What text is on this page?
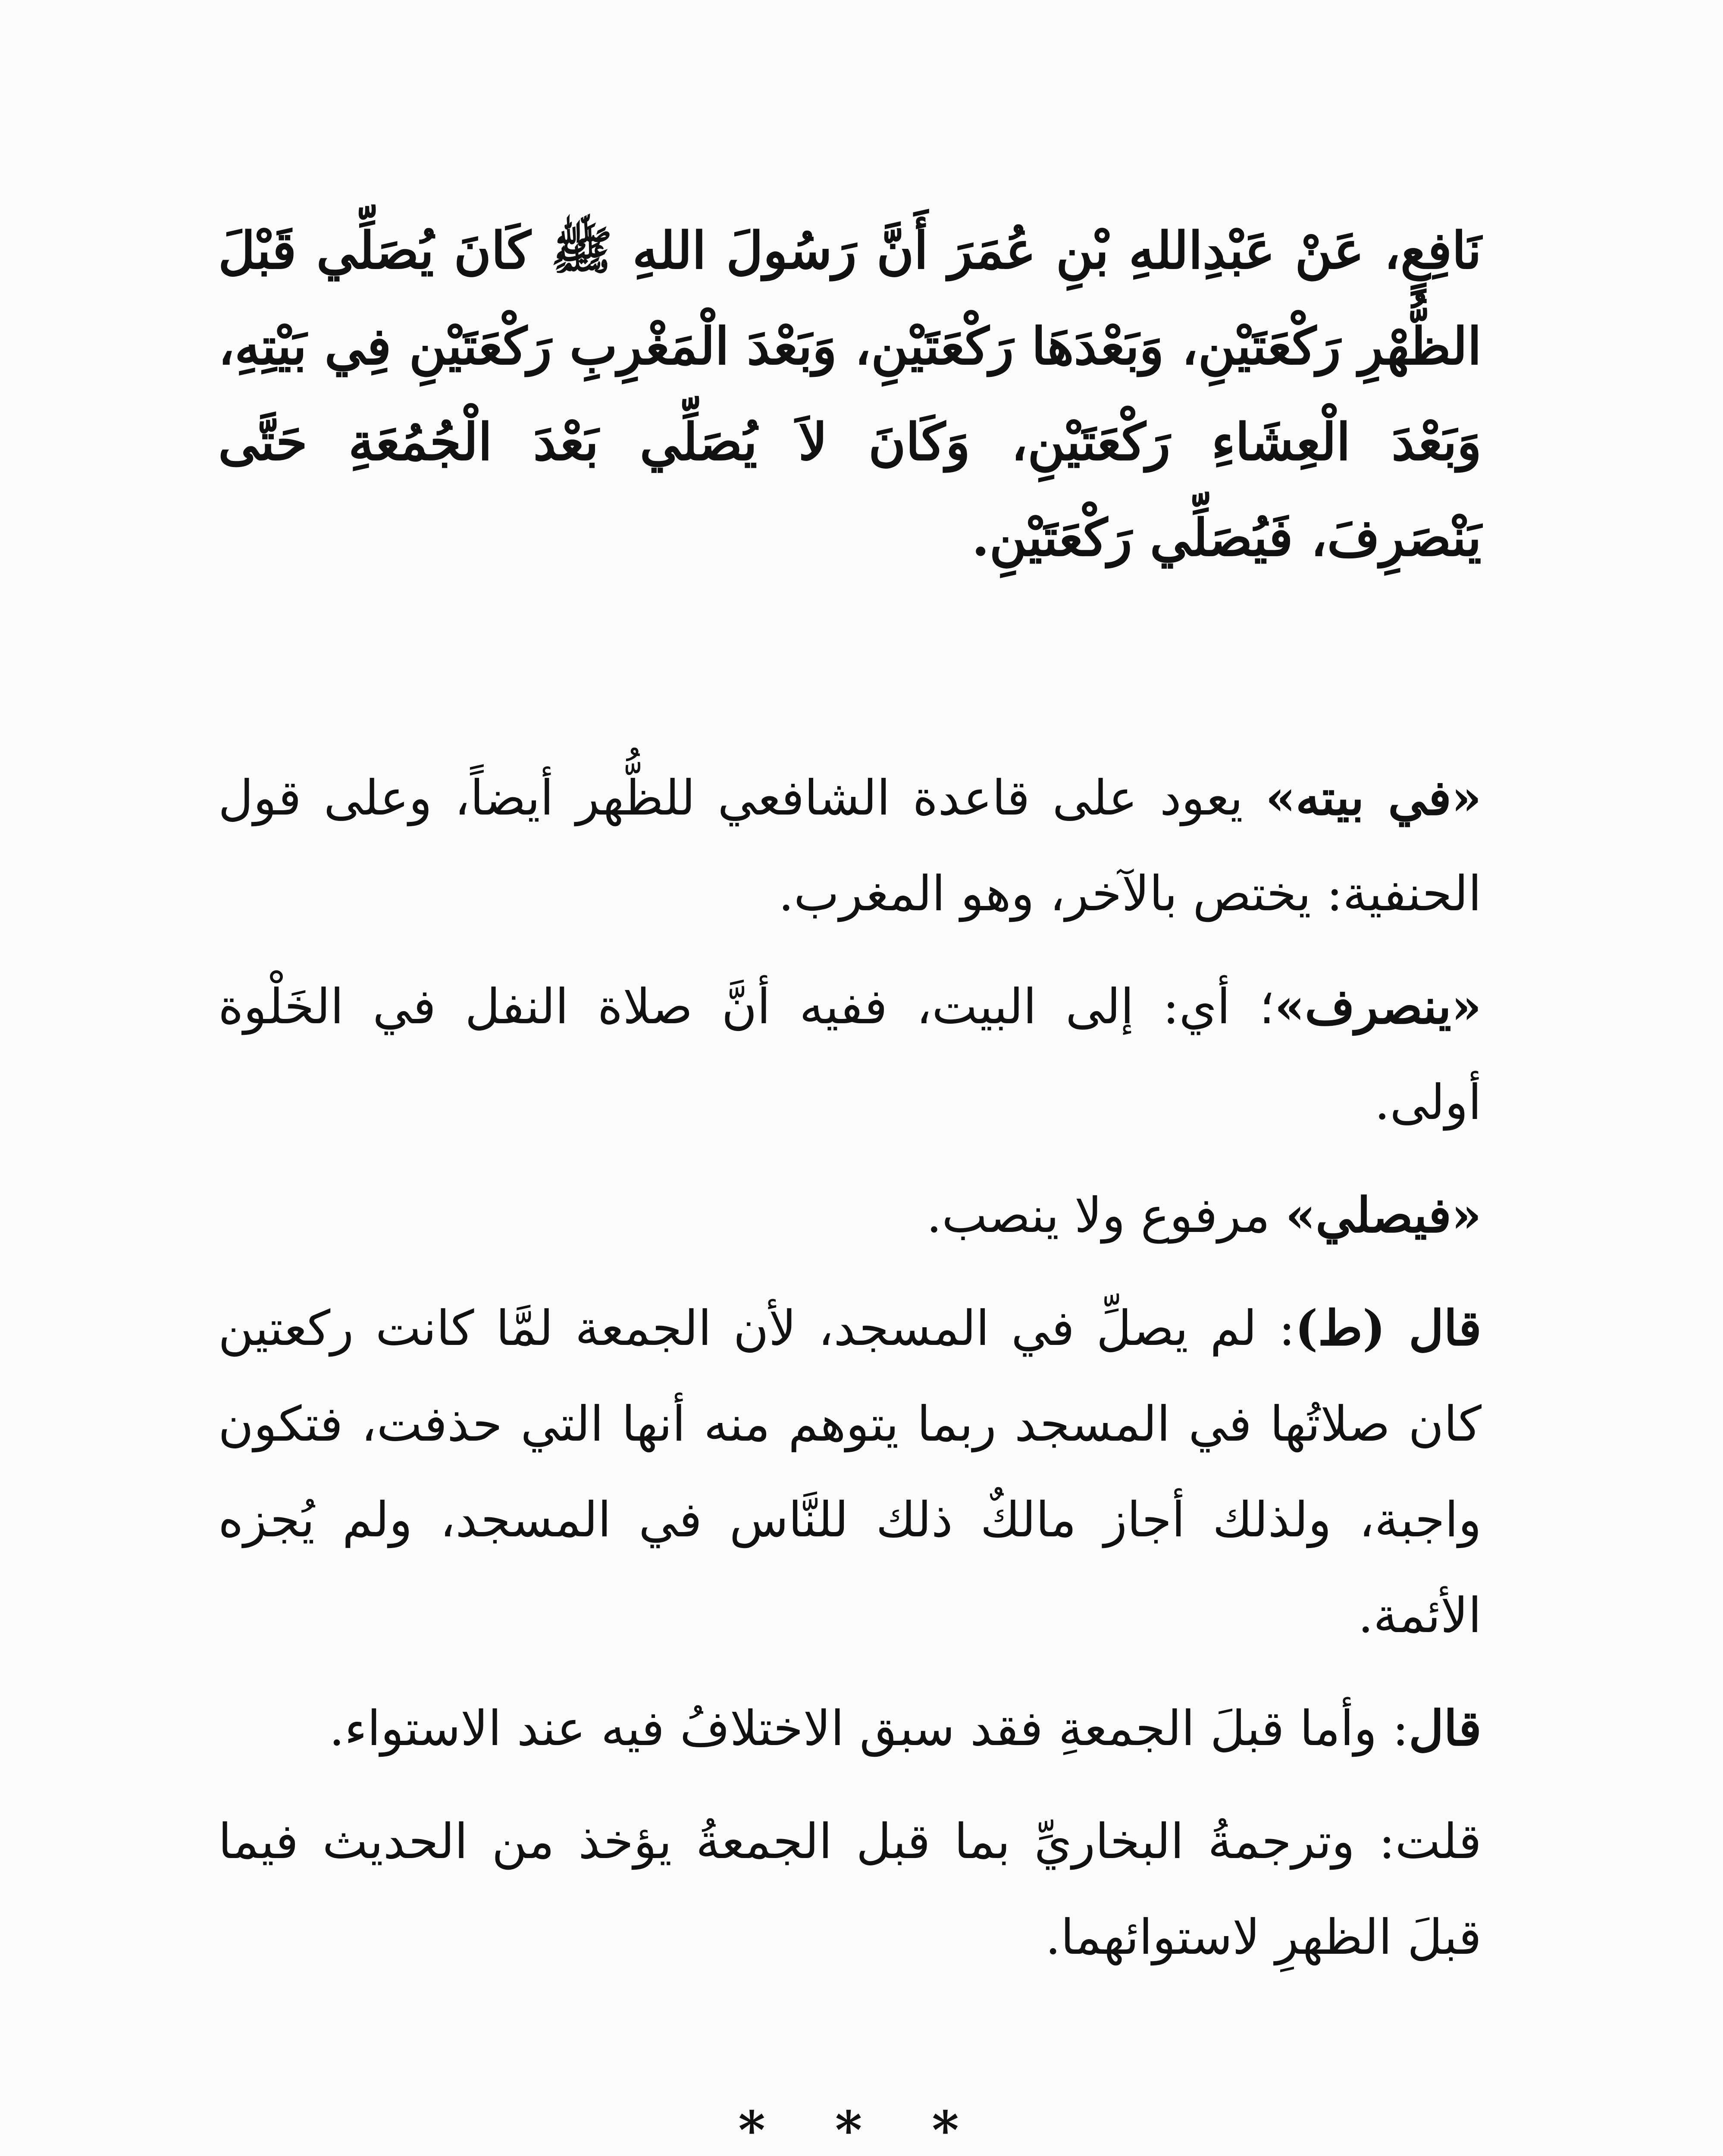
نَافِعٍ، عَنْ عَبْدِاللهِ بْنِ عُمَرَ أَنَّ رَسُولَ اللهِ ﷺ كَانَ يُصَلِّي قَبْلَ الظُّهْرِ رَكْعَتَيْنِ، وَبَعْدَهَا رَكْعَتَيْنِ، وَبَعْدَ الْمَغْرِبِ رَكْعَتَيْنِ فِي بَيْتِهِ، وَبَعْدَ الْعِشَاءِ رَكْعَتَيْنِ، وَكَانَ لاَ يُصَلِّي بَعْدَ الْجُمُعَةِ حَتَّى يَنْصَرِفَ، فَيُصَلِّي رَكْعَتَيْنِ.

«في بيته» يعود على قاعدة الشافعي للظُّهر أيضاً، وعلى قول الحنفية: يختص بالآخر، وهو المغرب.

«ينصرف»؛ أي: إلى البيت، ففيه أنَّ صلاة النفل في الخَلْوة أولى.

«فيصلي» مرفوع ولا ينصب.

قال (ط): لم يصلِّ في المسجد، لأن الجمعة لمَّا كانت ركعتين كان صلاتُها في المسجد ربما يتوهم منه أنها التي حذفت، فتكون واجبة، ولذلك أجاز مالكٌ ذلك للنَّاس في المسجد، ولم يُجزه الأئمة.

قال: وأما قبلَ الجمعةِ فقد سبق الاختلافُ فيه عند الاستواء.

قلت: وترجمةُ البخاريِّ بما قبل الجمعةُ يؤخذ من الحديث فيما قبلَ الظهرِ لاستوائهما.

* * *
